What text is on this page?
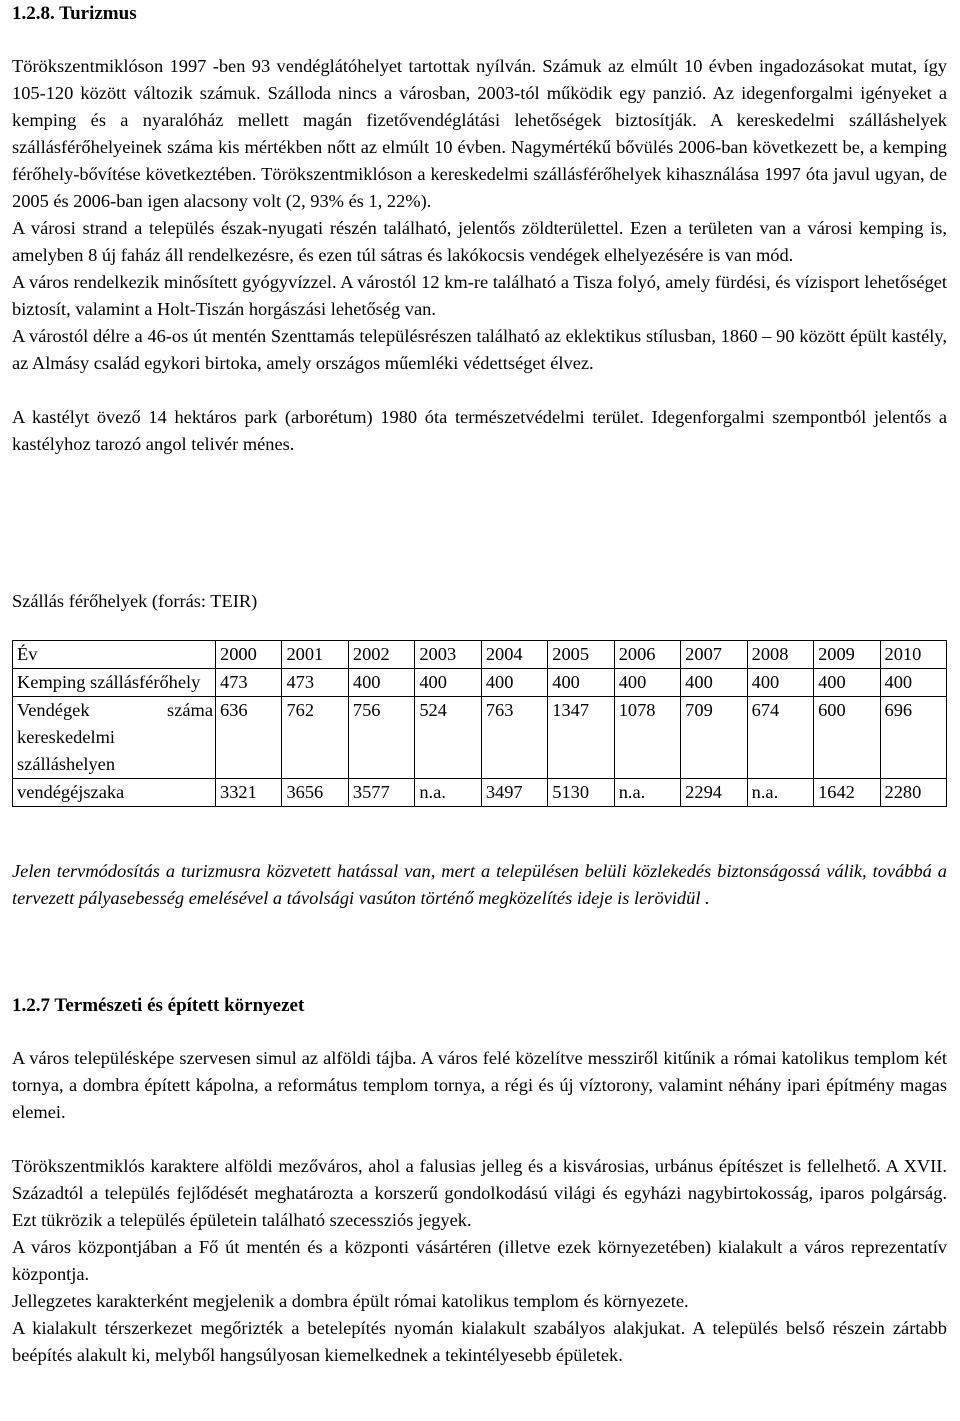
1.2.8. Turizmus

Törökszentmiklóson 1997 -ben 93 vendéglátóhelyet tartottak nyílván. Számuk az elmúlt 10 évben ingadozásokat mutat, így 105-120 között változik számuk. Szálloda nincs a városban, 2003-tól működik egy panzió. Az idegenforgalmi igényeket a kemping és a nyaralóház mellett magán fizetővendéglátási lehetőségek biztosítják. A kereskedelmi szálláshelyek szállásférőhelyeinek száma kis mértékben nőtt az elmúlt 10 évben. Nagymértékű bővülés 2006-ban következett be, a kemping férőhely-bővítése következtében. Törökszentmiklóson a kereskedelmi szállásférőhelyek kihasználása 1997 óta javul ugyan, de 2005 és 2006-ban igen alacsony volt (2, 93% és 1, 22%).

A városi strand a település észak-nyugati részén található, jelentős zöldterülettel. Ezen a területen van a városi kemping is, amelyben 8 új faház áll rendelkezésre, és ezen túl sátras és lakókocsis vendégek elhelyezésére is van mód.

A város rendelkezik minősített gyógyvízzel. A várostól 12 km-re található a Tisza folyó, amely fürdési, és vízisport lehetőséget biztosít, valamint a Holt-Tiszán horgászási lehetőség van.

A várostól délre a 46-os út mentén Szenttamás településrészen található az eklektikus stílusban, 1860 – 90 között épült kastély, az Almásy család egykori birtoka, amely országos műemléki védettséget élvez.

A kastélyt övező 14 hektáros park (arborétum) 1980 óta természetvédelmi terület. Idegenforgalmi szempontból jelentős a kastélyhoz tarozó angol telivér ménes.

Szállás férőhelyek (forrás: TEIR)

Év	2000	2001	2002	2003	2004	2005	2006	2007	2008	2009	2010
Kemping szállásférőhely	473	473	400	400	400	400	400	400	400	400	400
Vendégek száma kereskedelmi szálláshelyen	636	762	756	524	763	1347	1078	709	674	600	696
vendégéjszaka	3321	3656	3577	n.a.	3497	5130	n.a.	2294	n.a.	1642	2280

Jelen tervmódosítás a turizmusra közvetett hatással van, mert a településen belüli közlekedés biztonságossá válik, továbbá a tervezett pályasebesség emelésével a távolsági vasúton történő megközelítés ideje is lerövidül .

1.2.7 Természeti és épített környezet

A város településképe szervesen simul az alföldi tájba. A város felé közelítve messziről kitűnik a római katolikus templom két tornya, a dombra épített kápolna, a református templom tornya, a régi és új víztorony, valamint néhány ipari építmény magas elemei.

Törökszentmiklós karaktere alföldi mezőváros, ahol a falusias jelleg és a kisvárosias, urbánus építészet is fellelhető. A XVII. Századtól a település fejlődését meghatározta a korszerű gondolkodású világi és egyházi nagybirtokosság, iparos polgárság. Ezt tükrözik a település épületein található szecessziós jegyek.

A város központjában a Fő út mentén és a központi vásártéren (illetve ezek környezetében) kialakult a város reprezentatív központja.

Jellegzetes karakterként megjelenik a dombra épült római katolikus templom és környezete.

A kialakult térszerkezet megőrizték a betelepítés nyomán kialakult szabályos alakjukat. A település belső részein zártabb beépítés alakult ki, melyből hangsúlyosan kiemelkednek a tekintélyesebb épületek.
